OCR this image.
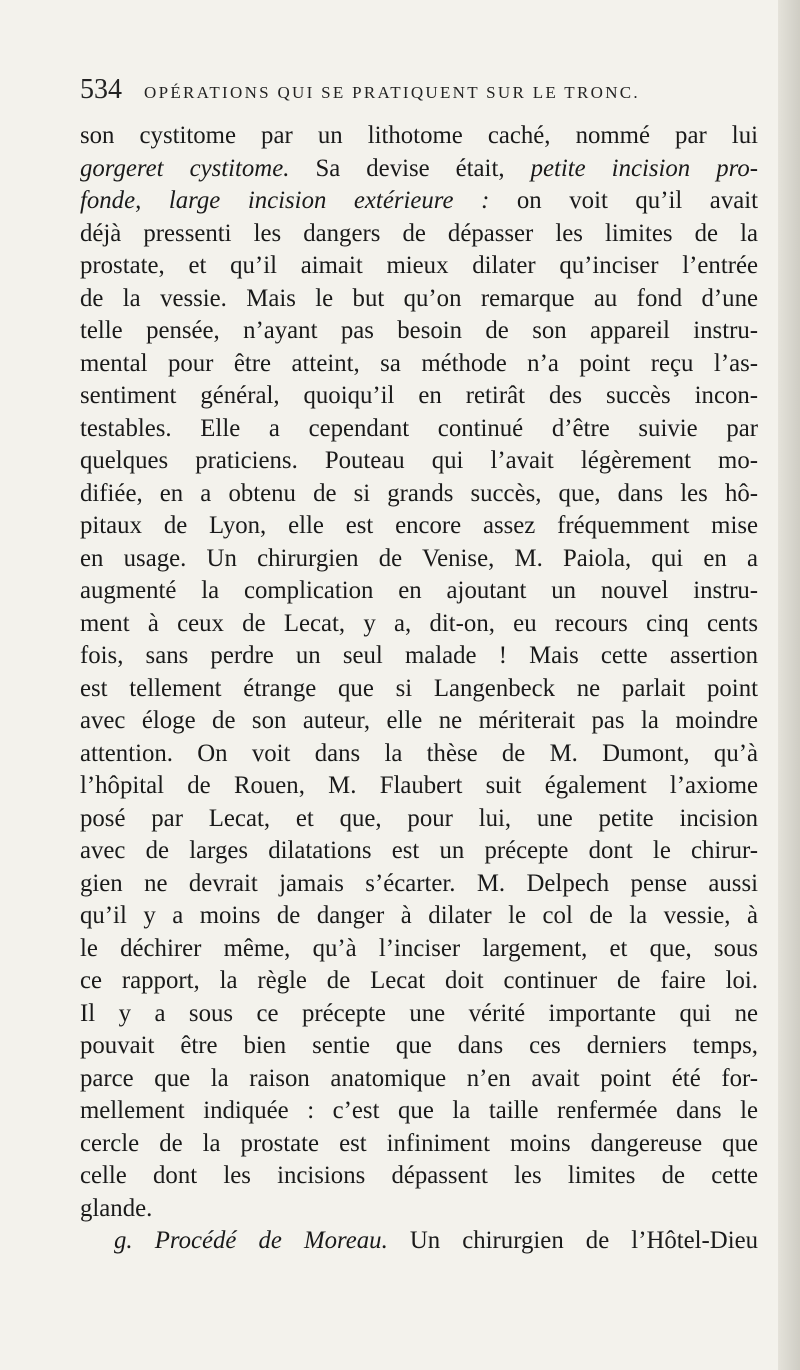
534 OPÉRATIONS QUI SE PRATIQUENT SUR LE TRONC.
son cystitome par un lithotome caché, nommé par lui
gorgeret cystitome. Sa devise était, petite incision pro-
fonde, large incision extérieure : on voit qu’il avait
déjà pressenti les dangers de dépasser les limites de la
prostate, et qu’il aimait mieux dilater qu’inciser l’entrée
de la vessie. Mais le but qu’on remarque au fond d’une
telle pensée, n’ayant pas besoin de son appareil instru-
mental pour être atteint, sa méthode n’a point reçu l’as-
sentiment général, quoiqu’il en retirât des succès incon-
testables. Elle a cependant continué d’être suivie par
quelques praticiens. Pouteau qui l’avait légèrement mo-
difiée, en a obtenu de si grands succès, que, dans les hô-
pitaux de Lyon, elle est encore assez fréquemment mise
en usage. Un chirurgien de Venise, M. Paiola, qui en a
augmenté la complication en ajoutant un nouvel instru-
ment à ceux de Lecat, y a, dit-on, eu recours cinq cents
fois, sans perdre un seul malade ! Mais cette assertion
est tellement étrange que si Langenbeck ne parlait point
avec éloge de son auteur, elle ne mériterait pas la moindre
attention. On voit dans la thèse de M. Dumont, qu’à
l’hôpital de Rouen, M. Flaubert suit également l’axiome
posé par Lecat, et que, pour lui, une petite incision
avec de larges dilatations est un précepte dont le chirur-
gien ne devrait jamais s’écarter. M. Delpech pense aussi
qu’il y a moins de danger à dilater le col de la vessie, à
le déchirer même, qu’à l’inciser largement, et que, sous
ce rapport, la règle de Lecat doit continuer de faire loi.
Il y a sous ce précepte une vérité importante qui ne
pouvait être bien sentie que dans ces derniers temps,
parce que la raison anatomique n’en avait point été for-
mellement indiquée : c’est que la taille renfermée dans le
cercle de la prostate est infiniment moins dangereuse que
celle dont les incisions dépassent les limites de cette
glande.
g. Procédé de Moreau. Un chirurgien de l’Hôtel-Dieu
